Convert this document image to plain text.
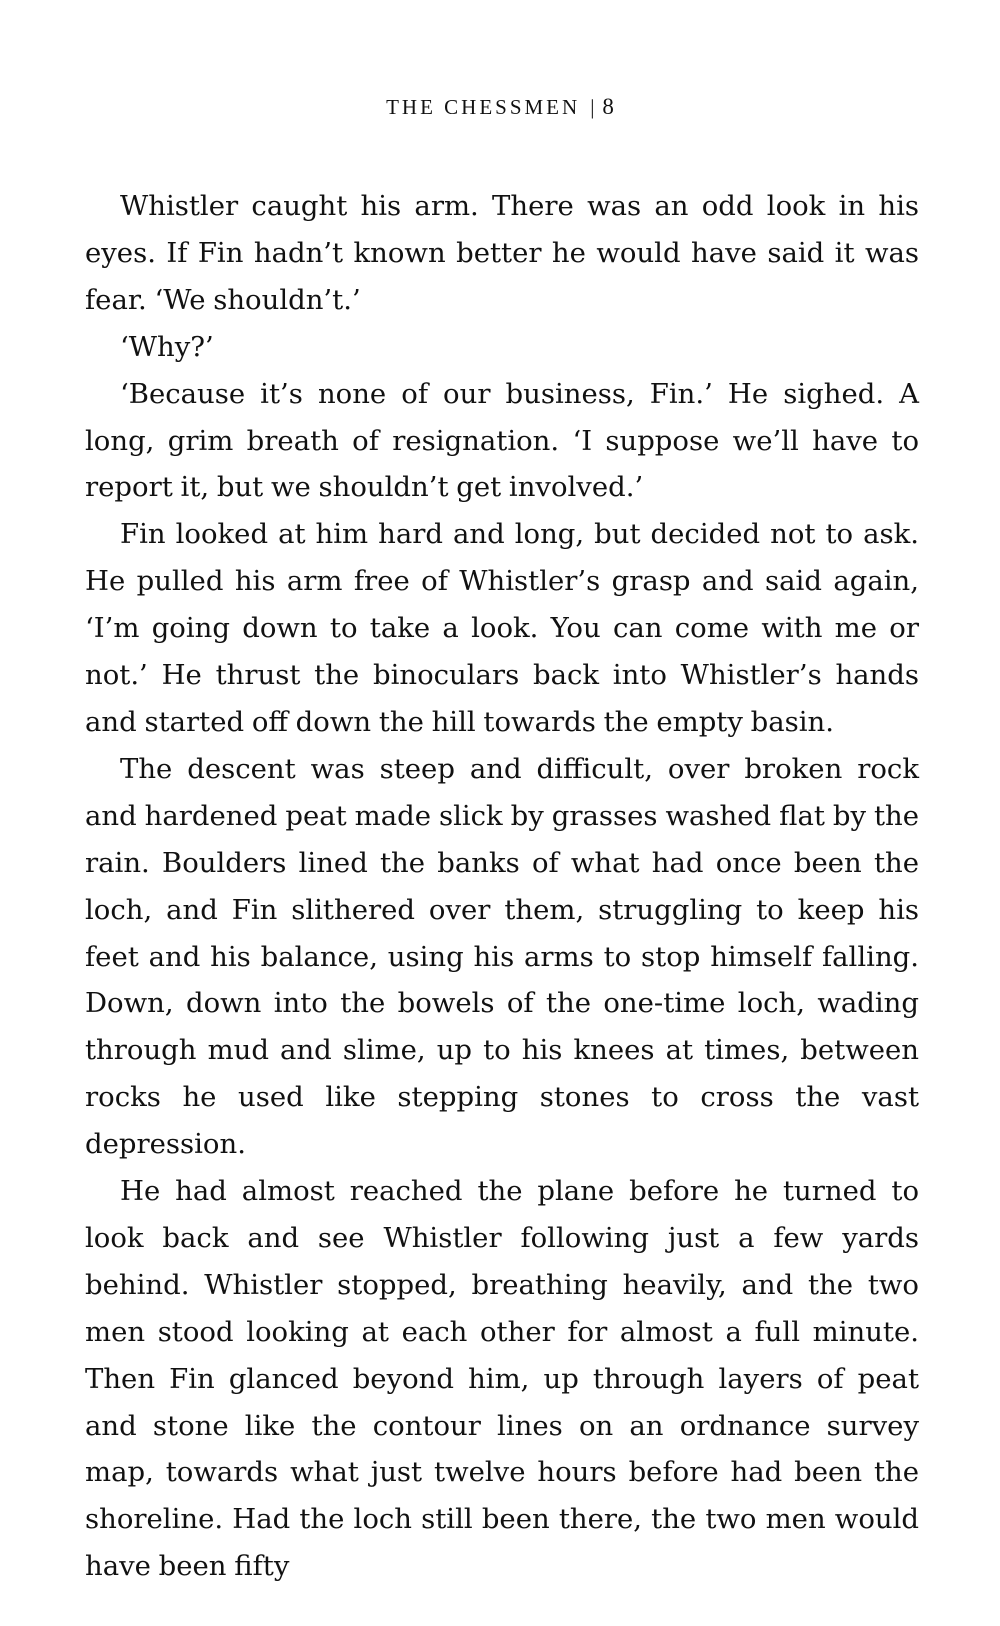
THE CHESSMEN | 8

Whistler caught his arm. There was an odd look in his eyes. If Fin hadn’t known better he would have said it was fear. ‘We shouldn’t.’

‘Why?’

‘Because it’s none of our business, Fin.’ He sighed. A long, grim breath of resignation. ‘I suppose we’ll have to report it, but we shouldn’t get involved.’

Fin looked at him hard and long, but decided not to ask. He pulled his arm free of Whistler’s grasp and said again, ‘I’m going down to take a look. You can come with me or not.’ He thrust the binoculars back into Whistler’s hands and started off down the hill towards the empty basin.

The descent was steep and difficult, over broken rock and hardened peat made slick by grasses washed flat by the rain. Boulders lined the banks of what had once been the loch, and Fin slithered over them, struggling to keep his feet and his balance, using his arms to stop himself falling. Down, down into the bowels of the one-time loch, wading through mud and slime, up to his knees at times, between rocks he used like stepping stones to cross the vast depression.

He had almost reached the plane before he turned to look back and see Whistler following just a few yards behind. Whistler stopped, breathing heavily, and the two men stood looking at each other for almost a full minute. Then Fin glanced beyond him, up through layers of peat and stone like the contour lines on an ordnance survey map, towards what just twelve hours before had been the shoreline. Had the loch still been there, the two men would have been fifty
